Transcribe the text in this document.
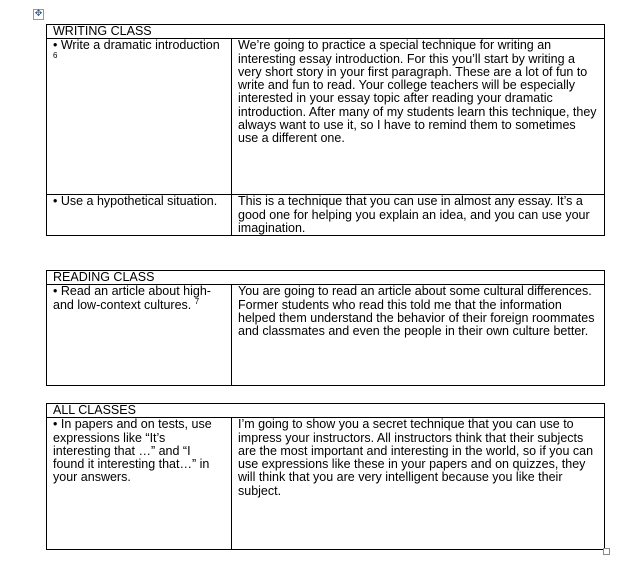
✥
WRITING CLASS	
• Write a dramatic introduction $^6$	We’re going to practice a special technique for writing an interesting essay introduction. For this you’ll start by writing a very short story in your first paragraph. These are a lot of fun to write and fun to read. Your college teachers will be especially interested in your essay topic after reading your dramatic introduction. After many of my students learn this technique, they always want to use it, so I have to remind them to sometimes use a different one.
• Use a hypothetical situation.	This is a technique that you can use in almost any essay. It’s a good one for helping you explain an idea, and you can use your imagination.
READING CLASS
• Read an article about high- and low-context cultures. $^7$	You are going to read an article about some cultural differences. Former students who read this told me that the information helped them understand the behavior of their foreign roommates and classmates and even the people in their own culture better.
ALL CLASSES
• In papers and on tests, use expressions like “It’s interesting that …” and “I found it interesting that…” in your answers.	I’m going to show you a secret technique that you can use to impress your instructors. All instructors think that their subjects are the most important and interesting in the world, so if you can use expressions like these in your papers and on quizzes, they will think that you are very intelligent because you like their subject.
